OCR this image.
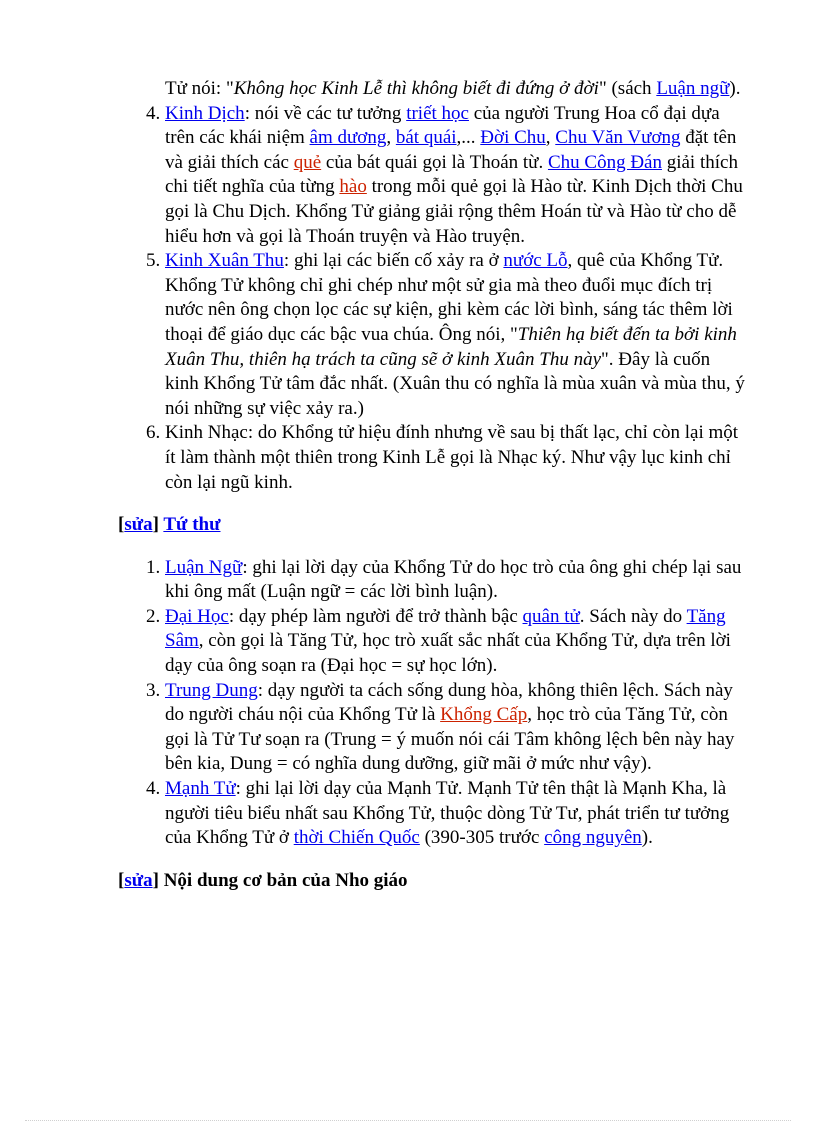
Tử nói: "Không học Kinh Lễ thì không biết đi đứng ở đời" (sách Luận ngữ).
4. Kinh Dịch: nói về các tư tưởng triết học của người Trung Hoa cổ đại dựa trên các khái niệm âm dương, bát quái,... Đời Chu, Chu Văn Vương đặt tên và giải thích các quẻ của bát quái gọi là Thoán từ. Chu Công Đán giải thích chi tiết nghĩa của từng hào trong mỗi quẻ gọi là Hào từ. Kinh Dịch thời Chu gọi là Chu Dịch. Khổng Tử giảng giải rộng thêm Hoán từ và Hào từ cho dễ hiểu hơn và gọi là Thoán truyện và Hào truyện.
5. Kinh Xuân Thu: ghi lại các biến cố xảy ra ở nước Lỗ, quê của Khổng Tử. Khổng Tử không chỉ ghi chép như một sử gia mà theo đuổi mục đích trị nước nên ông chọn lọc các sự kiện, ghi kèm các lời bình, sáng tác thêm lời thoại để giáo dục các bậc vua chúa. Ông nói, "Thiên hạ biết đến ta bởi kinh Xuân Thu, thiên hạ trách ta cũng sẽ ở kinh Xuân Thu này". Đây là cuốn kinh Khổng Tử tâm đắc nhất. (Xuân thu có nghĩa là mùa xuân và mùa thu, ý nói những sự việc xảy ra.)
6. Kinh Nhạc: do Khổng tử hiệu đính nhưng về sau bị thất lạc, chỉ còn lại một ít làm thành một thiên trong Kinh Lễ gọi là Nhạc ký. Như vậy lục kinh chỉ còn lại ngũ kinh.

[sửa] Tứ thư

1. Luận Ngữ: ghi lại lời dạy của Khổng Tử do học trò của ông ghi chép lại sau khi ông mất (Luận ngữ = các lời bình luận).
2. Đại Học: dạy phép làm người để trở thành bậc quân tử. Sách này do Tăng Sâm, còn gọi là Tăng Tử, học trò xuất sắc nhất của Khổng Tử, dựa trên lời dạy của ông soạn ra (Đại học = sự học lớn).
3. Trung Dung: dạy người ta cách sống dung hòa, không thiên lệch. Sách này do người cháu nội của Khổng Tử là Khổng Cấp, học trò của Tăng Tử, còn gọi là Tử Tư soạn ra (Trung = ý muốn nói cái Tâm không lệch bên này hay bên kia, Dung = có nghĩa dung dưỡng, giữ mãi ở mức như vậy).
4. Mạnh Tử: ghi lại lời dạy của Mạnh Tử. Mạnh Tử tên thật là Mạnh Kha, là người tiêu biểu nhất sau Khổng Tử, thuộc dòng Tử Tư, phát triển tư tưởng của Khổng Tử ở thời Chiến Quốc (390-305 trước công nguyên).

[sửa] Nội dung cơ bản của Nho giáo
